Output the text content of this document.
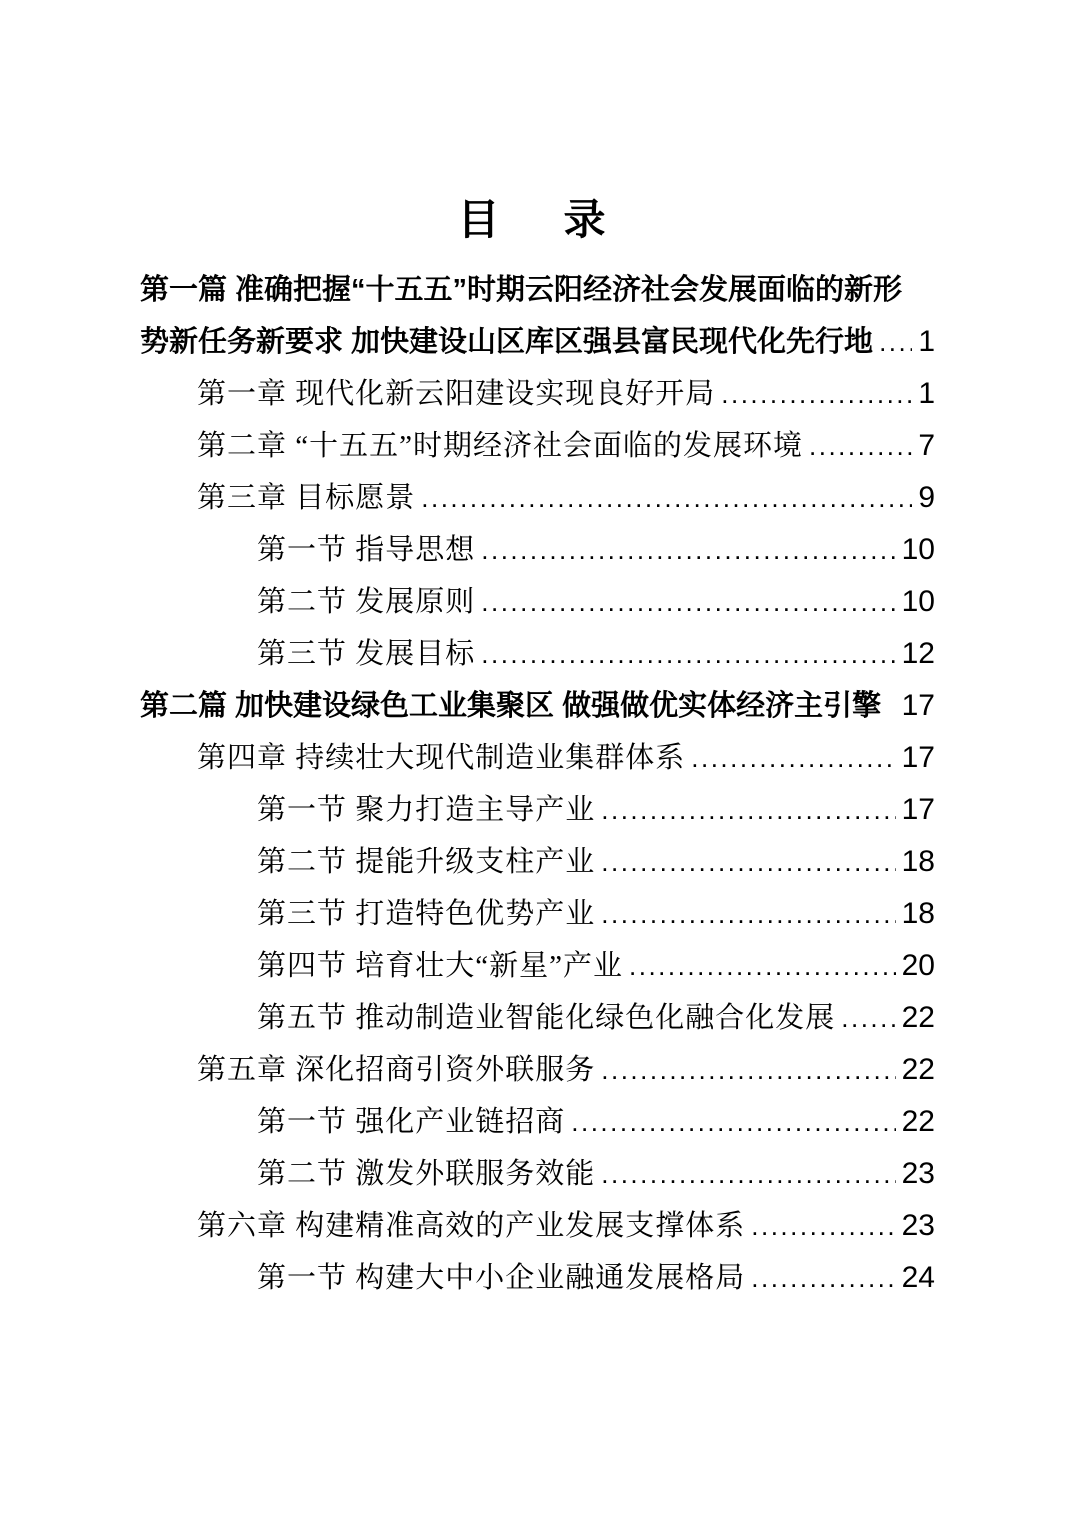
目　录
第一篇 准确把握“十五五”时期云阳经济社会发展面临的新形
势新任务新要求 加快建设山区库区强县富民现代化先行地 ..... 1
第一章 现代化新云阳建设实现良好开局 .....	1
第二章 “十五五”时期经济社会面临的发展环境 .....	7
第三章 目标愿景 .....	9
第一节 指导思想 .....	10
第二节 发展原则 .....	10
第三节 发展目标 .....	12
第二篇 加快建设绿色工业集聚区 做强做优实体经济主引擎 17
第四章 持续壮大现代制造业集群体系 .....	17
第一节 聚力打造主导产业 .....	17
第二节 提能升级支柱产业 .....	18
第三节 打造特色优势产业 .....	18
第四节 培育壮大“新星”产业 .....	20
第五节 推动制造业智能化绿色化融合化发展 ..... 22
第五章 深化招商引资外联服务 .....	22
第一节 强化产业链招商 .....	22
第二节 激发外联服务效能 .....	23
第六章 构建精准高效的产业发展支撑体系 .....	23
第一节 构建大中小企业融通发展格局 .....	24
